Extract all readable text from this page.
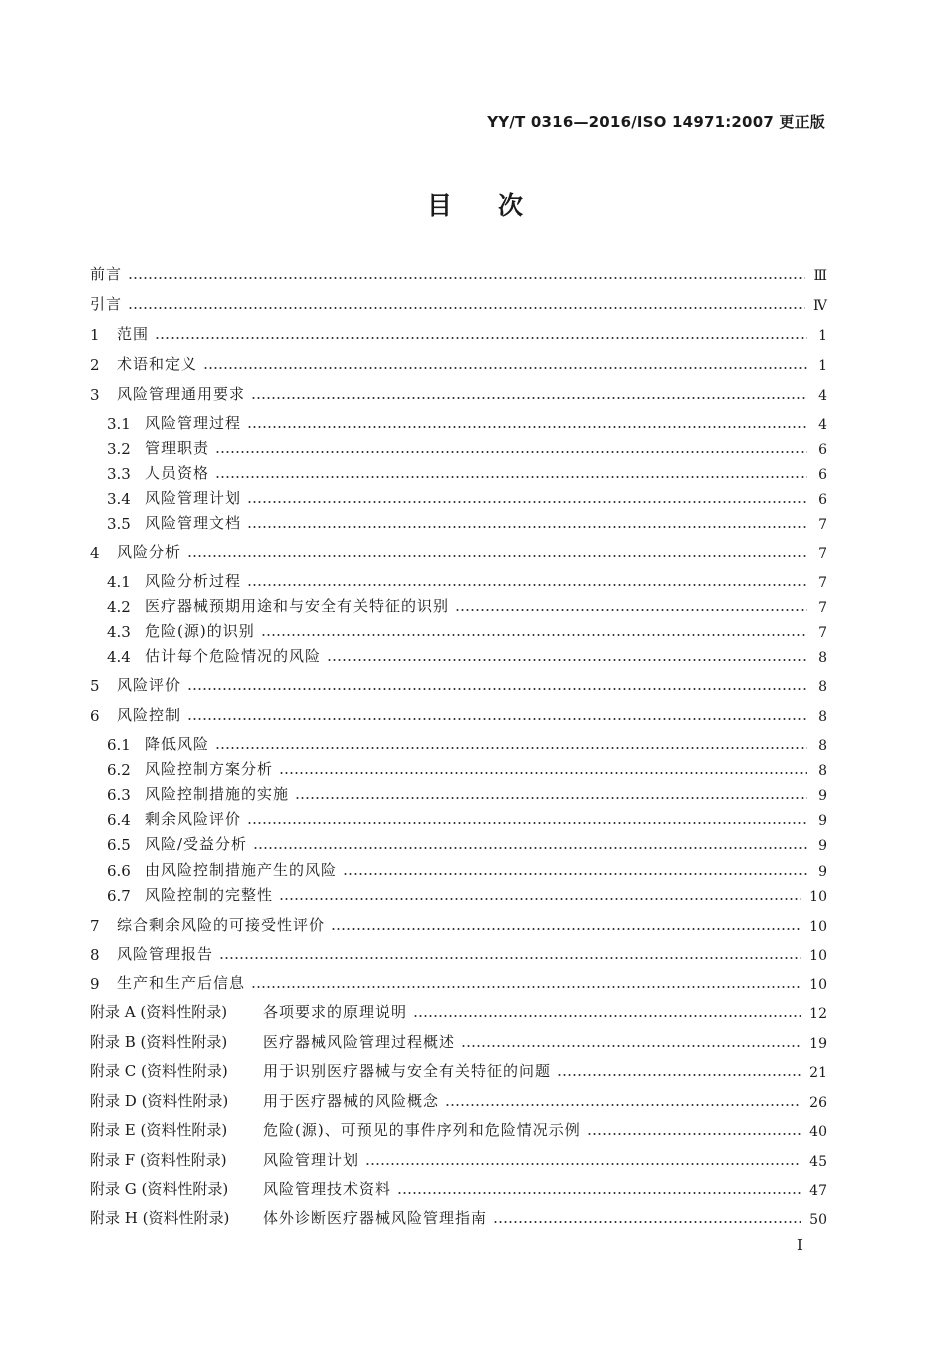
YY/T 0316—2016/ISO 14971:2007 更正版
目次
前言	Ⅲ
引言	Ⅳ
1	范围	1
2	术语和定义	1
3	风险管理通用要求	4
3.1 风险管理过程	4
3.2 管理职责	6
3.3 人员资格	6
3.4 风险管理计划	6
3.5 风险管理文档	7
4	风险分析	7
4.1 风险分析过程	7
4.2 医疗器械预期用途和与安全有关特征的识别	7
4.3 危险(源)的识别	7
4.4 估计每个危险情况的风险	8
5	风险评价	8
6	风险控制	8
6.1 降低风险	8
6.2 风险控制方案分析	8
6.3 风险控制措施的实施	9
6.4 剩余风险评价	9
6.5 风险/受益分析	9
6.6 由风险控制措施产生的风险	9
6.7 风险控制的完整性	10
7	综合剩余风险的可接受性评价	10
8	风险管理报告	10
9	生产和生产后信息	10
附录 A (资料性附录)	各项要求的原理说明	12
附录 B (资料性附录)	医疗器械风险管理过程概述	19
附录 C (资料性附录)	用于识别医疗器械与安全有关特征的问题	21
附录 D (资料性附录)	用于医疗器械的风险概念	26
附录 E (资料性附录)	危险(源)、可预见的事件序列和危险情况示例	40
附录 F (资料性附录)	风险管理计划	45
附录 G (资料性附录)	风险管理技术资料	47
附录 H (资料性附录)	体外诊断医疗器械风险管理指南	50
I
